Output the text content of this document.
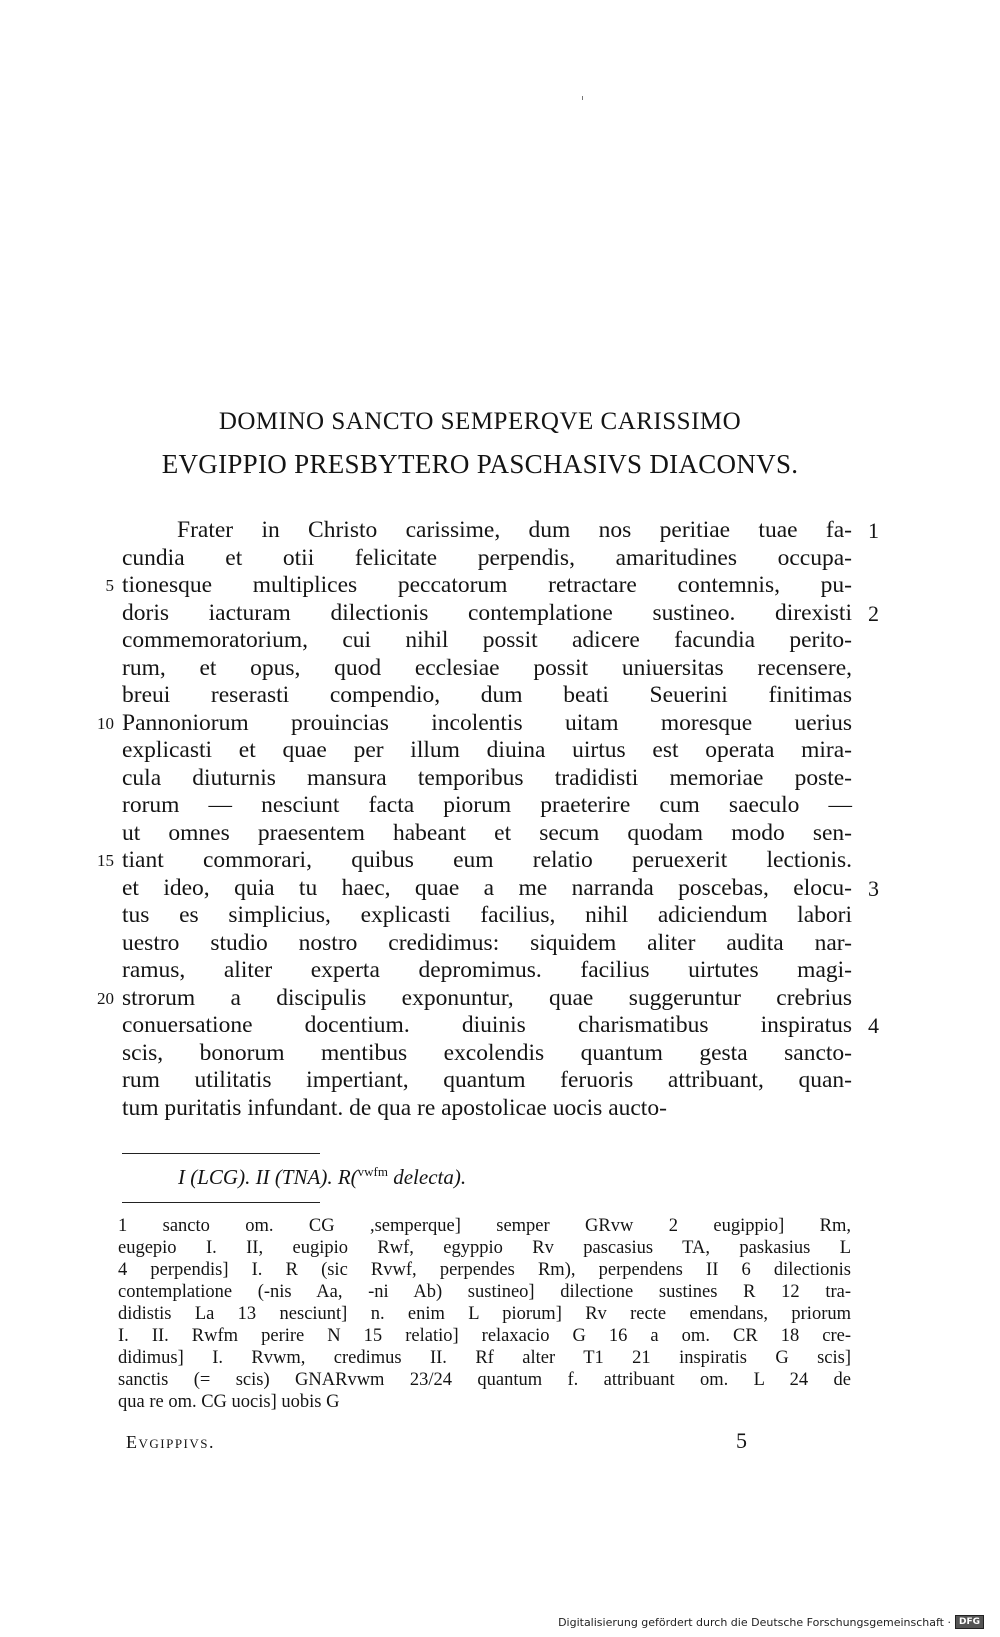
DOMINO SANCTO SEMPERQVE CARISSIMO
EVGIPPIO PRESBYTERO PASCHASIVS DIACONVS.
Frater in Christo carissime, dum nos peritiae tuae fa- 1
cundia et otii felicitate perpendis, amaritudines occupa-
5 tionesque multiplices peccatorum retractare contemnis, pu-
doris iacturam dilectionis contemplatione sustineo. direxisti 2
commemoratorium, cui nihil possit adicere facundia perito-
rum, et opus, quod ecclesiae possit uniuersitas recensere,
breui reserasti compendio, dum beati Seuerini finitimas
10 Pannoniorum prouincias incolentis uitam moresque uerius
explicasti et quae per illum diuina uirtus est operata mira-
cula diuturnis mansura temporibus tradidisti memoriae poste-
rorum — nesciunt facta piorum praeterire cum saeculo —
ut omnes praesentem habeant et secum quodam modo sen-
15 tiant commorari, quibus eum relatio peruexerit lectionis.
et ideo, quia tu haec, quae a me narranda poscebas, elocu- 3
tus es simplicius, explicasti facilius, nihil adiciendum labori
uestro studio nostro credidimus: siquidem aliter audita nar-
ramus, aliter experta depromimus. facilius uirtutes magi-
20 strorum a discipulis exponuntur, quae suggeruntur crebrius
conuersatione docentium. diuinis charismatibus inspiratus 4
scis, bonorum mentibus excolendis quantum gesta sancto-
rum utilitatis impertiant, quantum feruoris attribuant, quan-
tum puritatis infundant. de qua re apostolicae uocis aucto-
I (LCG). II (TNA). R($^{vwfm}$ delecta).
1 sancto om. CG ,semperque] semper GRvw 2 eugippio] Rm,
eugepio I. II, eugipio Rwf, egyppio Rv pascasius TA, paskasius L
4 perpendis] I. R (sic Rvwf, perpendes Rm), perpendens II 6 dilectionis
contemplatione (-nis Aa, -ni Ab) sustineo] dilectione sustines R 12 tra-
didistis La 13 nesciunt] n. enim L piorum] Rv recte emendans, priorum
I. II. Rwfm perire N 15 relatio] relaxacio G 16 a om. CR 18 cre-
didimus] I. Rvwm, credimus II. Rf alter T1 21 inspiratis G scis]
sanctis (= scis) GNARvwm 23/24 quantum f. attribuant om. L 24 de
qua re om. CG uocis] uobis G
Evgippivs.	5
Digitalisierung gefördert durch die Deutsche Forschungsgemeinschaft · DFG
